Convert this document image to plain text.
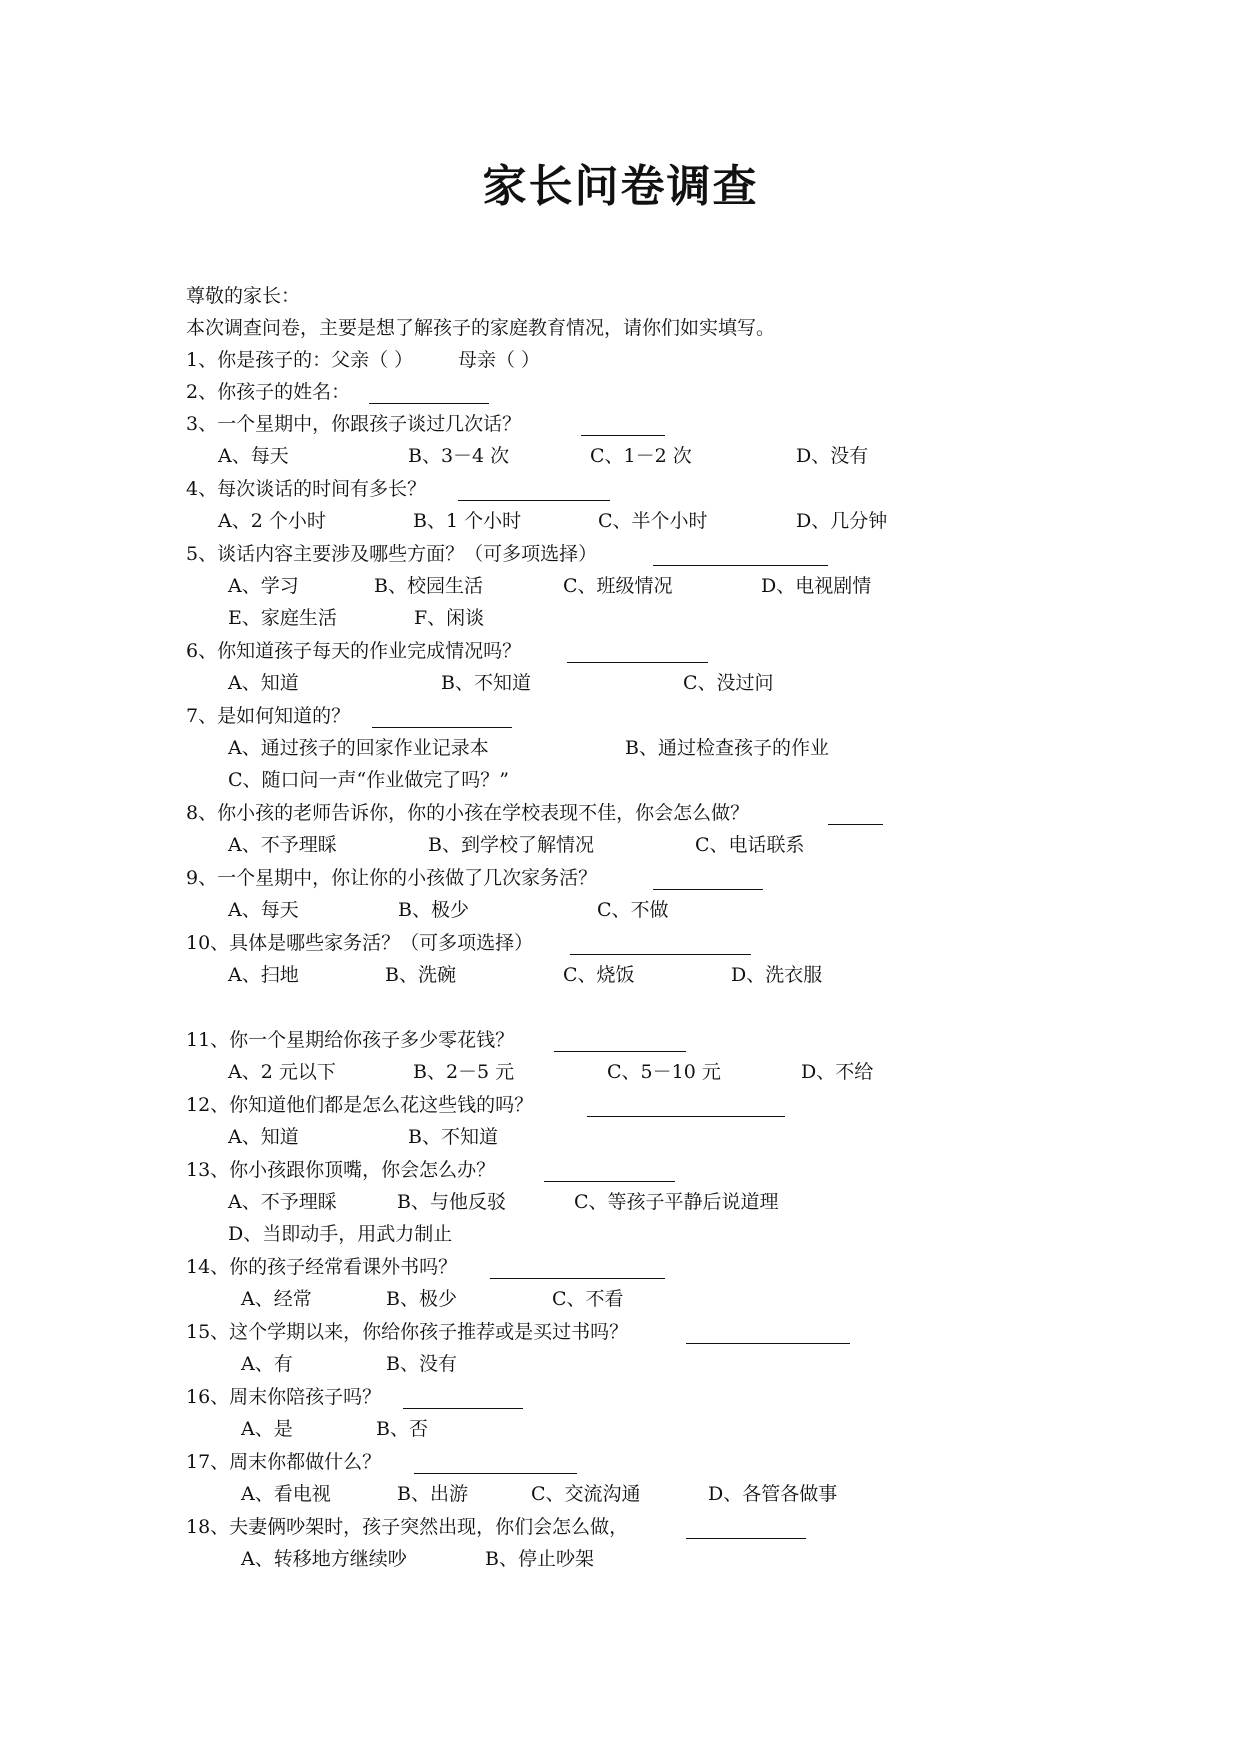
家长问卷调查
尊敬的家长：
本次调查问卷，主要是想了解孩子的家庭教育情况，请你们如实填写。
1、你是孩子的：父亲（ ） 母亲（ ）
2、你孩子的姓名：
3、一个星期中，你跟孩子谈过几次话？
A、每天	B、3－4 次	C、1－2 次	D、没有
4、每次谈话的时间有多长？
A、2 个小时	B、1 个小时	C、半个小时	D、几分钟
5、谈话内容主要涉及哪些方面？（可多项选择）
A、学习	B、校园生活	C、班级情况	D、电视剧情
E、家庭生活	F、闲谈
6、你知道孩子每天的作业完成情况吗？
A、知道	B、不知道	C、没过问
7、是如何知道的？
A、通过孩子的回家作业记录本	B、通过检查孩子的作业
C、随口问一声“作业做完了吗？”
8、你小孩的老师告诉你，你的小孩在学校表现不佳，你会怎么做？
A、不予理睬	B、到学校了解情况	C、电话联系
9、一个星期中，你让你的小孩做了几次家务活？
A、每天	B、极少	C、不做
10、具体是哪些家务活？（可多项选择）
A、扫地	B、洗碗	C、烧饭	D、洗衣服
11、你一个星期给你孩子多少零花钱？
A、2 元以下	B、2－5 元	C、5－10 元	D、不给
12、你知道他们都是怎么花这些钱的吗？
A、知道	B、不知道
13、你小孩跟你顶嘴，你会怎么办？
A、不予理睬	B、与他反驳	C、等孩子平静后说道理
D、当即动手，用武力制止
14、你的孩子经常看课外书吗？
A、经常	B、极少	C、不看
15、这个学期以来，你给你孩子推荐或是买过书吗？
A、有	B、没有
16、周末你陪孩子吗？
A、是	B、否
17、周末你都做什么？
A、看电视	B、出游	C、交流沟通	D、各管各做事
18、夫妻俩吵架时，孩子突然出现，你们会怎么做，
A、转移地方继续吵	B、停止吵架
